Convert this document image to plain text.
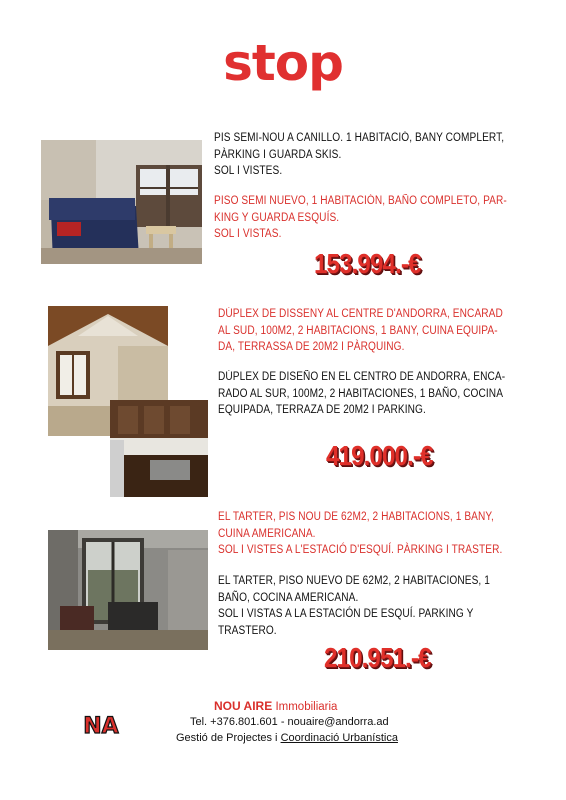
stop
PIS SEMI-NOU A CANILLO. 1 HABITACIÓ, BANY COMPLERT,
PÀRKING I GUARDA SKIS.
SOL I VISTES.
PISO SEMI NUEVO, 1 HABITACIÓN, BAÑO COMPLETO, PAR-
KING Y GUARDA ESQUÍS.
SOL I VISTAS.
153.994.-€
DÚPLEX DE DISSENY AL CENTRE D'ANDORRA, ENCARAD
AL SUD, 100M2, 2 HABITACIONS, 1 BANY, CUINA EQUIPA-
DA, TERRASSA DE 20M2 I PÀRQUING.
DÚPLEX DE DISEÑO EN EL CENTRO DE ANDORRA, ENCA-
RADO AL SUR, 100M2, 2 HABITACIONES, 1 BAÑO, COCINA
EQUIPADA, TERRAZA DE 20M2 I PARKING.
419.000.-€
EL TARTER, PIS NOU DE 62M2, 2 HABITACIONS, 1 BANY,
CUINA AMERICANA.
SOL I VISTES A L'ESTACIÓ D'ESQUÍ. PÀRKING I TRASTER.
EL TARTER, PISO NUEVO DE 62M2, 2 HABITACIONES, 1
BAÑO, COCINA AMERICANA.
SOL I VISTAS A LA ESTACIÓN DE ESQUÍ. PARKING Y
TRASTERO.
210.951.-€
NA
NOU AIRE Immobiliaria
Tel. +376.801.601 - nouaire@andorra.ad
Gestió de Projectes i Coordinació Urbanística
